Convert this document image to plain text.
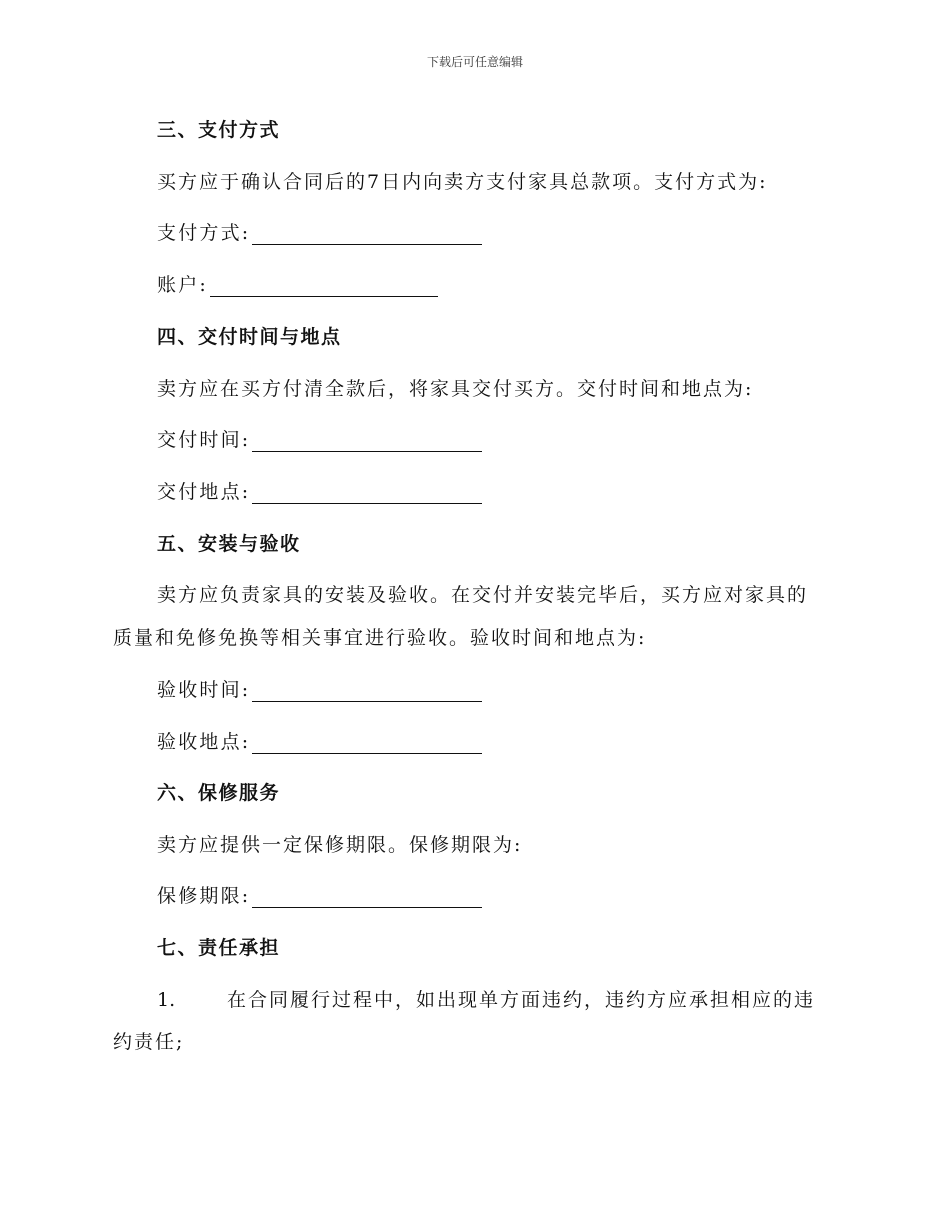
下载后可任意编辑
三、支付方式
买方应于确认合同后的7日内向卖方支付家具总款项。支付方式为:
支付方式:
账户:
四、交付时间与地点
卖方应在买方付清全款后，将家具交付买方。交付时间和地点为:
交付时间:
交付地点:
五、安装与验收
卖方应负责家具的安装及验收。在交付并安装完毕后，买方应对家具的
质量和免修免换等相关事宜进行验收。验收时间和地点为:
验收时间:
验收地点:
六、保修服务
卖方应提供一定保修期限。保修期限为:
保修期限:
七、责任承担
1.	在合同履行过程中，如出现单方面违约，违约方应承担相应的违
约责任;
